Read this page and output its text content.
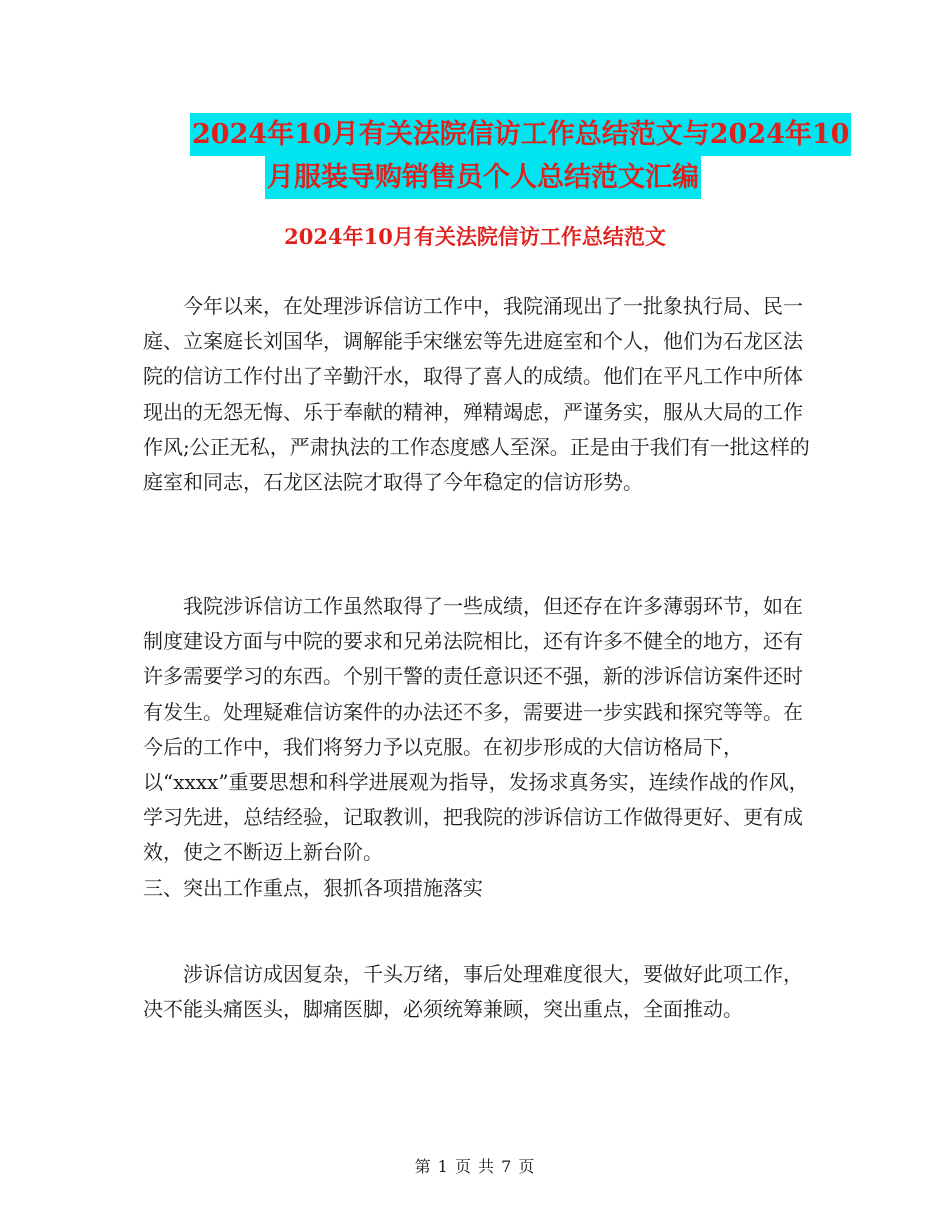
2024年10月有关法院信访工作总结范文与2024年10
月服装导购销售员个人总结范文汇编
2024年10月有关法院信访工作总结范文

今年以来，在处理涉诉信访工作中，我院涌现出了一批象执行局、民一庭、立案庭长刘国华，调解能手宋继宏等先进庭室和个人，他们为石龙区法院的信访工作付出了辛勤汗水，取得了喜人的成绩。他们在平凡工作中所体现出的无怨无悔、乐于奉献的精神，殚精竭虑，严谨务实，服从大局的工作作风;公正无私，严肃执法的工作态度感人至深。正是由于我们有一批这样的庭室和同志，石龙区法院才取得了今年稳定的信访形势。

我院涉诉信访工作虽然取得了一些成绩，但还存在许多薄弱环节，如在制度建设方面与中院的要求和兄弟法院相比，还有许多不健全的地方，还有许多需要学习的东西。个别干警的责任意识还不强，新的涉诉信访案件还时有发生。处理疑难信访案件的办法还不多，需要进一步实践和探究等等。在今后的工作中，我们将努力予以克服。在初步形成的大信访格局下，以“xxxx”重要思想和科学进展观为指导，发扬求真务实，连续作战的作风，学习先进，总结经验，记取教训，把我院的涉诉信访工作做得更好、更有成效，使之不断迈上新台阶。

三、突出工作重点，狠抓各项措施落实

涉诉信访成因复杂，千头万绪，事后处理难度很大，要做好此项工作，决不能头痛医头，脚痛医脚，必须统筹兼顾，突出重点，全面推动。

第 1 页 共 7 页
